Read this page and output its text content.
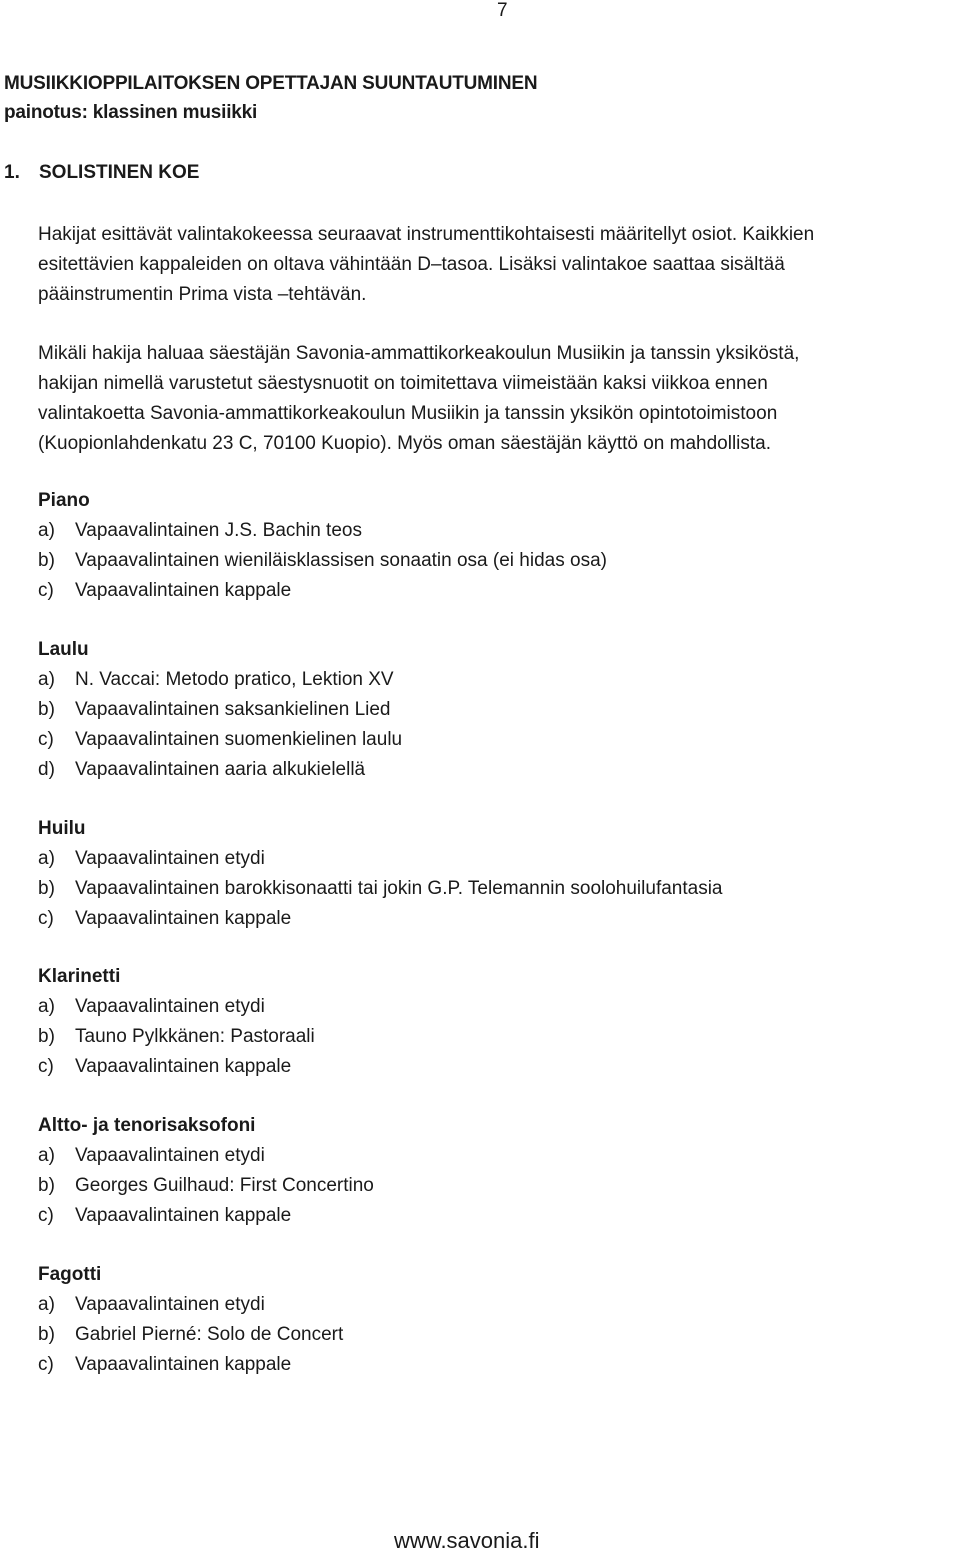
7
MUSIIKKIOPPILAITOKSEN OPETTAJAN SUUNTAUTUMINEN
painotus: klassinen musiikki
1. SOLISTINEN KOE
Hakijat esittävät valintakokeessa seuraavat instrumenttikohtaisesti määritellyt osiot. Kaikkien
esitettävien kappaleiden on oltava vähintään D–tasoa. Lisäksi valintakoe saattaa sisältää
pääinstrumentin Prima vista –tehtävän.
Mikäli hakija haluaa säestäjän Savonia-ammattikorkeakoulun Musiikin ja tanssin yksiköstä,
hakijan nimellä varustetut säestysnuotit on toimitettava viimeistään kaksi viikkoa ennen
valintakoetta Savonia-ammattikorkeakoulun Musiikin ja tanssin yksikön opintotoimistoon
(Kuopionlahdenkatu 23 C, 70100 Kuopio). Myös oman säestäjän käyttö on mahdollista.
Piano
a) Vapaavalintainen J.S. Bachin teos
b) Vapaavalintainen wieniläisklassisen sonaatin osa (ei hidas osa)
c) Vapaavalintainen kappale
Laulu
a) N. Vaccai: Metodo pratico, Lektion XV
b) Vapaavalintainen saksankielinen Lied
c) Vapaavalintainen suomenkielinen laulu
d) Vapaavalintainen aaria alkukielellä
Huilu
a) Vapaavalintainen etydi
b) Vapaavalintainen barokkisonaatti tai jokin G.P. Telemannin soolohuilufantasia
c) Vapaavalintainen kappale
Klarinetti
a) Vapaavalintainen etydi
b) Tauno Pylkkänen: Pastoraali
c) Vapaavalintainen kappale
Altto- ja tenorisaksofoni
a) Vapaavalintainen etydi
b) Georges Guilhaud: First Concertino
c) Vapaavalintainen kappale
Fagotti
a) Vapaavalintainen etydi
b) Gabriel Pierné: Solo de Concert
c) Vapaavalintainen kappale
www.savonia.fi
